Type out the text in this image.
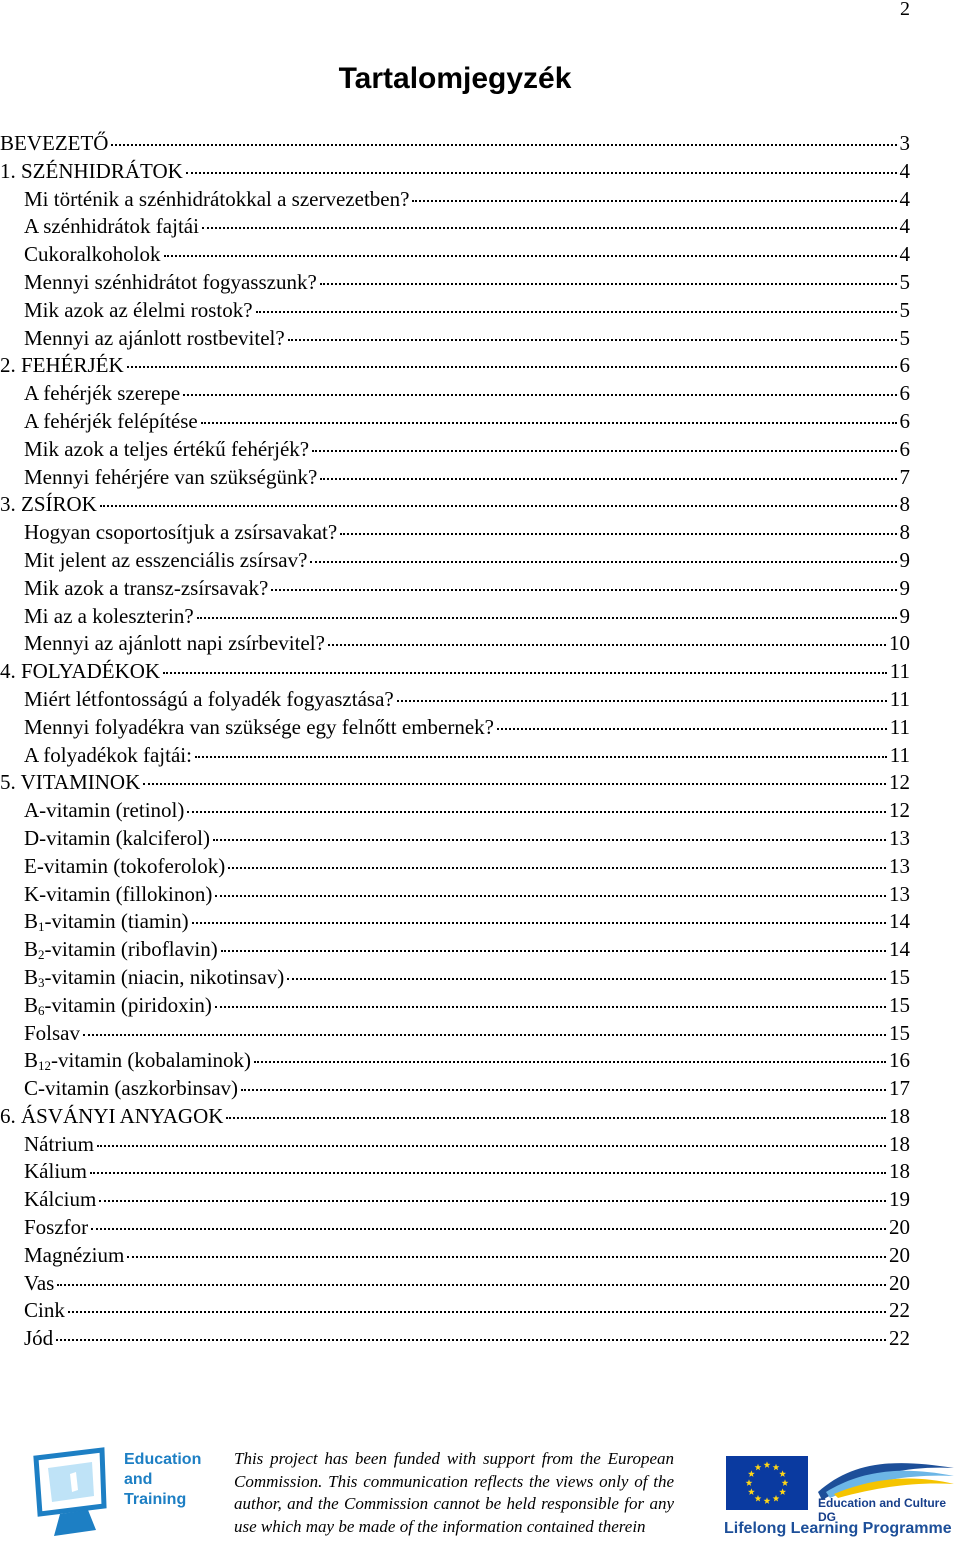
2
Tartalomjegyzék
BEVEZETŐ	3
1. SZÉNHIDRÁTOK	4
Mi történik a szénhidrátokkal a szervezetben?	4
A szénhidrátok fajtái	4
Cukoralkoholok	4
Mennyi szénhidrátot fogyasszunk?	5
Mik azok az élelmi rostok?	5
Mennyi az ajánlott rostbevitel?	5
2. FEHÉRJÉK	6
A fehérjék szerepe	6
A fehérjék felépítése	6
Mik azok a teljes értékű fehérjék?	6
Mennyi fehérjére van szükségünk?	7
3. ZSÍROK	8
Hogyan csoportosítjuk a zsírsavakat?	8
Mit jelent az esszenciális zsírsav?	9
Mik azok a transz-zsírsavak?	9
Mi az a koleszterin?	9
Mennyi az ajánlott napi zsírbevitel?	10
4. FOLYADÉKOK	11
Miért létfontosságú a folyadék fogyasztása?	11
Mennyi folyadékra van szüksége egy felnőtt embernek?	11
A folyadékok fajtái:	11
5. VITAMINOK	12
A-vitamin (retinol)	12
D-vitamin (kalciferol)	13
E-vitamin (tokoferolok)	13
K-vitamin (fillokinon)	13
$B_1$-vitamin (tiamin)	14
$B_2$-vitamin (riboflavin)	14
$B_3$-vitamin (niacin, nikotinsav)	15
$B_6$-vitamin (piridoxin)	15
Folsav	15
$B_{12}$-vitamin (kobalaminok)	16
C-vitamin (aszkorbinsav)	17
6. ÁSVÁNYI ANYAGOK	18
Nátrium	18
Kálium	18
Kálcium	19
Foszfor	20
Magnézium	20
Vas	20
Cink	22
Jód	22
Education
and
Training
This project has been funded with support from the European Commission. This communication reflects the views only of the author, and the Commission cannot be held responsible for any use which may be made of the information contained therein
Education and Culture DG
Lifelong Learning Programme
